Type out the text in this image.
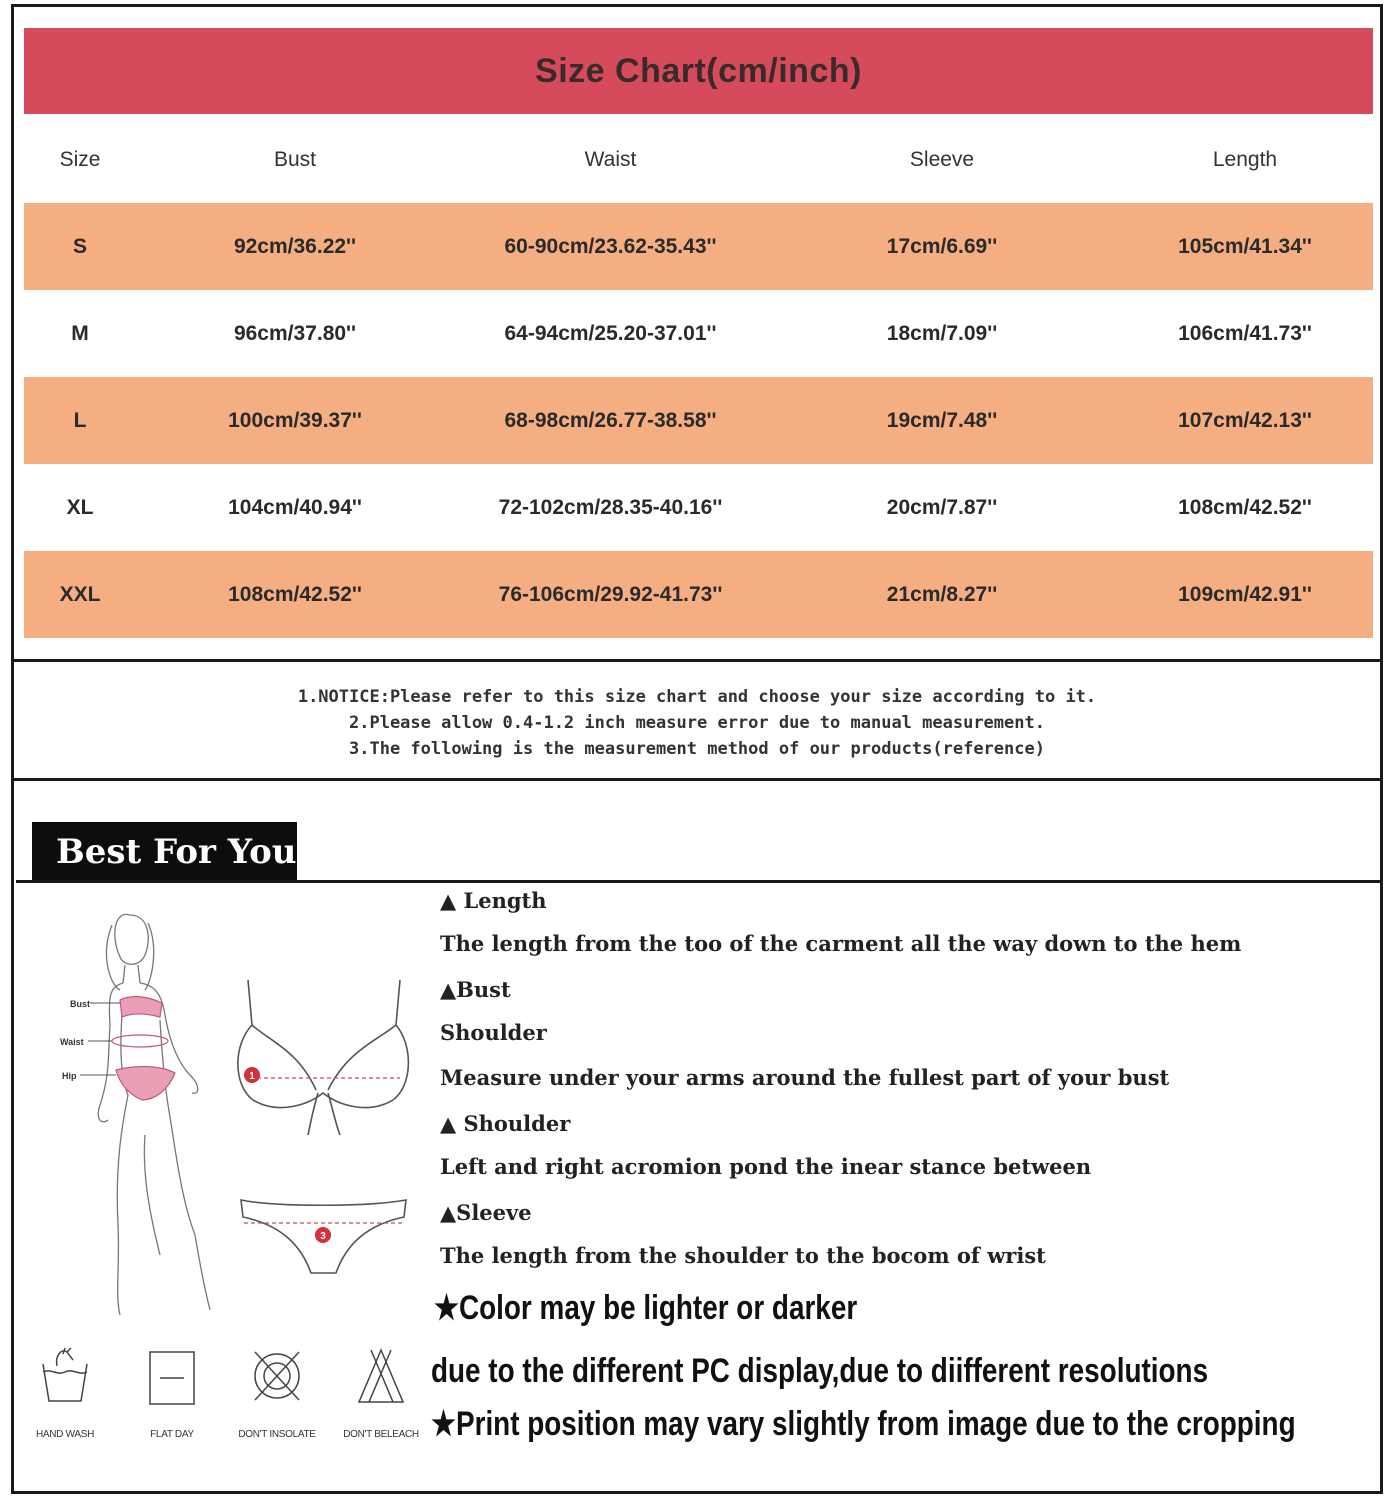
Size Chart(cm/inch)
Size	Bust	Waist	Sleeve	Length
S	92cm/36.22''	60-90cm/23.62-35.43''	17cm/6.69''	105cm/41.34''
M	96cm/37.80''	64-94cm/25.20-37.01''	18cm/7.09''	106cm/41.73''
L	100cm/39.37''	68-98cm/26.77-38.58''	19cm/7.48''	107cm/42.13''
XL	104cm/40.94''	72-102cm/28.35-40.16''	20cm/7.87''	108cm/42.52''
XXL	108cm/42.52''	76-106cm/29.92-41.73''	21cm/8.27''	109cm/42.91''
1.NOTICE:Please refer to this size chart and choose your size according to it.
2.Please allow 0.4-1.2 inch measure error due to manual measurement.
3.The following is the measurement method of our products(reference)
Best For You
Bust
Waist
Hip	1
3
▲ Length
The length from the too of the carment all the way down to the hem
▲Bust
Shoulder
Measure under your arms around the fullest part of your bust
▲ Shoulder
Left and right acromion pond the inear stance between
▲Sleeve
The length from the shoulder to the bocom of wrist
★Color may be lighter or darker
due to the different PC display,due to diifferent resolutions
★Print position may vary slightly from image due to the cropping
HAND WASH	FLAT DAY	DON'T INSOLATE	DON'T BELEACH
